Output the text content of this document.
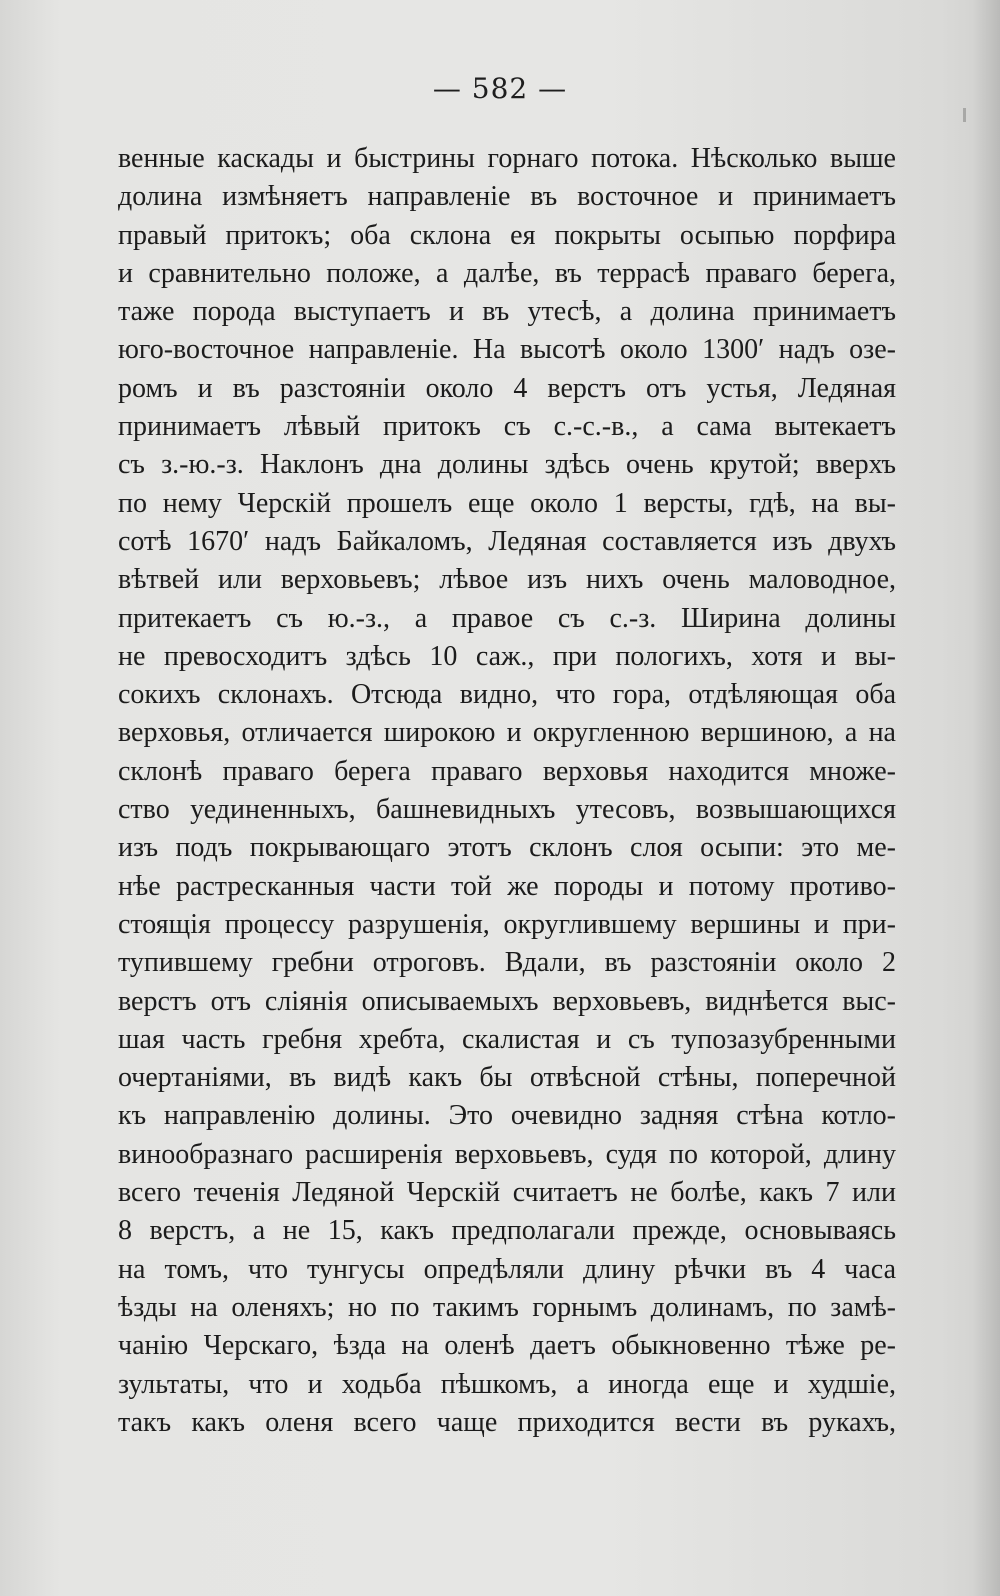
— 582 —
венные каскады и быстрины горнаго потока. Нѣсколько выше
долина измѣняетъ направленіе въ восточное и принимаетъ
правый притокъ; оба склона ея покрыты осыпью порфира
и сравнительно положе, а далѣе, въ террасѣ праваго берега,
таже порода выступаетъ и въ утесѣ, а долина принимаетъ
юго-восточное направленіе. На высотѣ около 1300′ надъ озе-
ромъ и въ разстояніи около 4 верстъ отъ устья, Ледяная
принимаетъ лѣвый притокъ съ с.-с.-в., а сама вытекаетъ
съ з.-ю.-з. Наклонъ дна долины здѣсь очень крутой; вверхъ
по нему Черскій прошелъ еще около 1 версты, гдѣ, на вы-
сотѣ 1670′ надъ Байкаломъ, Ледяная составляется изъ двухъ
вѣтвей или верховьевъ; лѣвое изъ нихъ очень маловодное,
притекаетъ съ ю.-з., а правое съ с.-з. Ширина долины
не превосходитъ здѣсь 10 саж., при пологихъ, хотя и вы-
сокихъ склонахъ. Отсюда видно, что гора, отдѣляющая оба
верховья, отличается широкою и округленною вершиною, а на
склонѣ праваго берега праваго верховья находится множе-
ство уединенныхъ, башневидныхъ утесовъ, возвышающихся
изъ подъ покрывающаго этотъ склонъ слоя осыпи: это ме-
нѣе растресканныя части той же породы и потому противо-
стоящія процессу разрушенія, округлившему вершины и при-
тупившему гребни отроговъ. Вдали, въ разстояніи около 2
верстъ отъ сліянія описываемыхъ верховьевъ, виднѣется выс-
шая часть гребня хребта, скалистая и съ тупозазубренными
очертаніями, въ видѣ какъ бы отвѣсной стѣны, поперечной
къ направленію долины. Это очевидно задняя стѣна котло-
винообразнаго расширенія верховьевъ, судя по которой, длину
всего теченія Ледяной Черскій считаетъ не болѣе, какъ 7 или
8 верстъ, а не 15, какъ предполагали прежде, основываясь
на томъ, что тунгусы опредѣляли длину рѣчки въ 4 часа
ѣзды на оленяхъ; но по такимъ горнымъ долинамъ, по замѣ-
чанію Черскаго, ѣзда на оленѣ даетъ обыкновенно тѣже ре-
зультаты, что и ходьба пѣшкомъ, а иногда еще и худшіе,
такъ какъ оленя всего чаще приходится вести въ рукахъ,
